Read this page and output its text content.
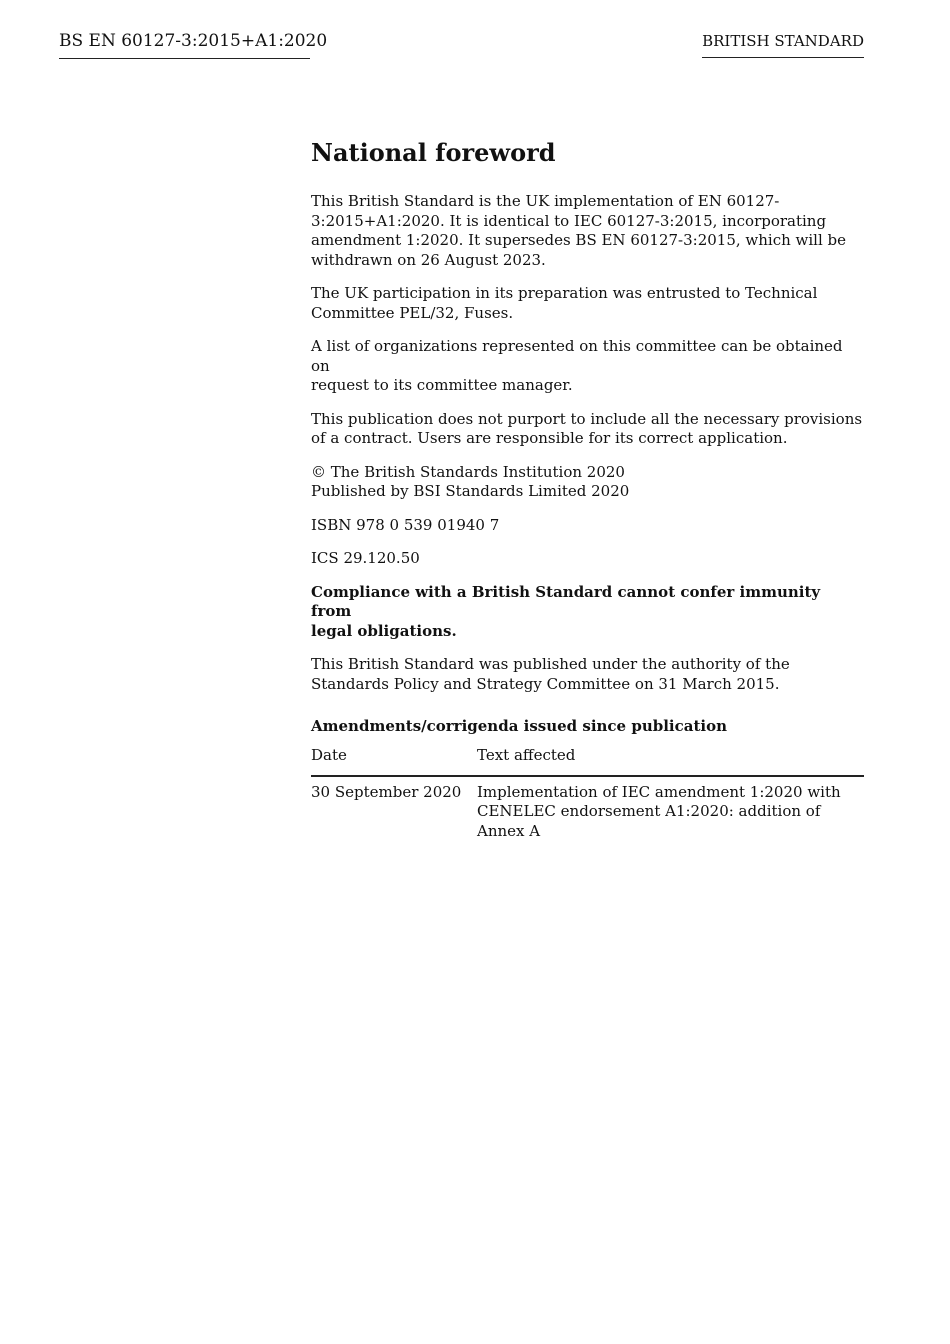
BS EN 60127-3:2015+A1:2020	BRITISH STANDARD
National foreword

This British Standard is the UK implementation of EN 60127-
3:2015+A1:2020. It is identical to IEC 60127-3:2015, incorporating
amendment 1:2020. It supersedes BS EN 60127-3:2015, which will be
withdrawn on 26 August 2023.

The UK participation in its preparation was entrusted to Technical
Committee PEL/32, Fuses.

A list of organizations represented on this committee can be obtained on
request to its committee manager.

This publication does not purport to include all the necessary provisions
of a contract. Users are responsible for its correct application.

© The British Standards Institution 2020
Published by BSI Standards Limited 2020

ISBN 978 0 539 01940 7

ICS 29.120.50

Compliance with a British Standard cannot confer immunity from
legal obligations.

This British Standard was published under the authority of the
Standards Policy and Strategy Committee on 31 March 2015.

Amendments/corrigenda issued since publication
Date	Text affected
30 September 2020	Implementation of IEC amendment 1:2020 with
CENELEC endorsement A1:2020: addition of
Annex A
